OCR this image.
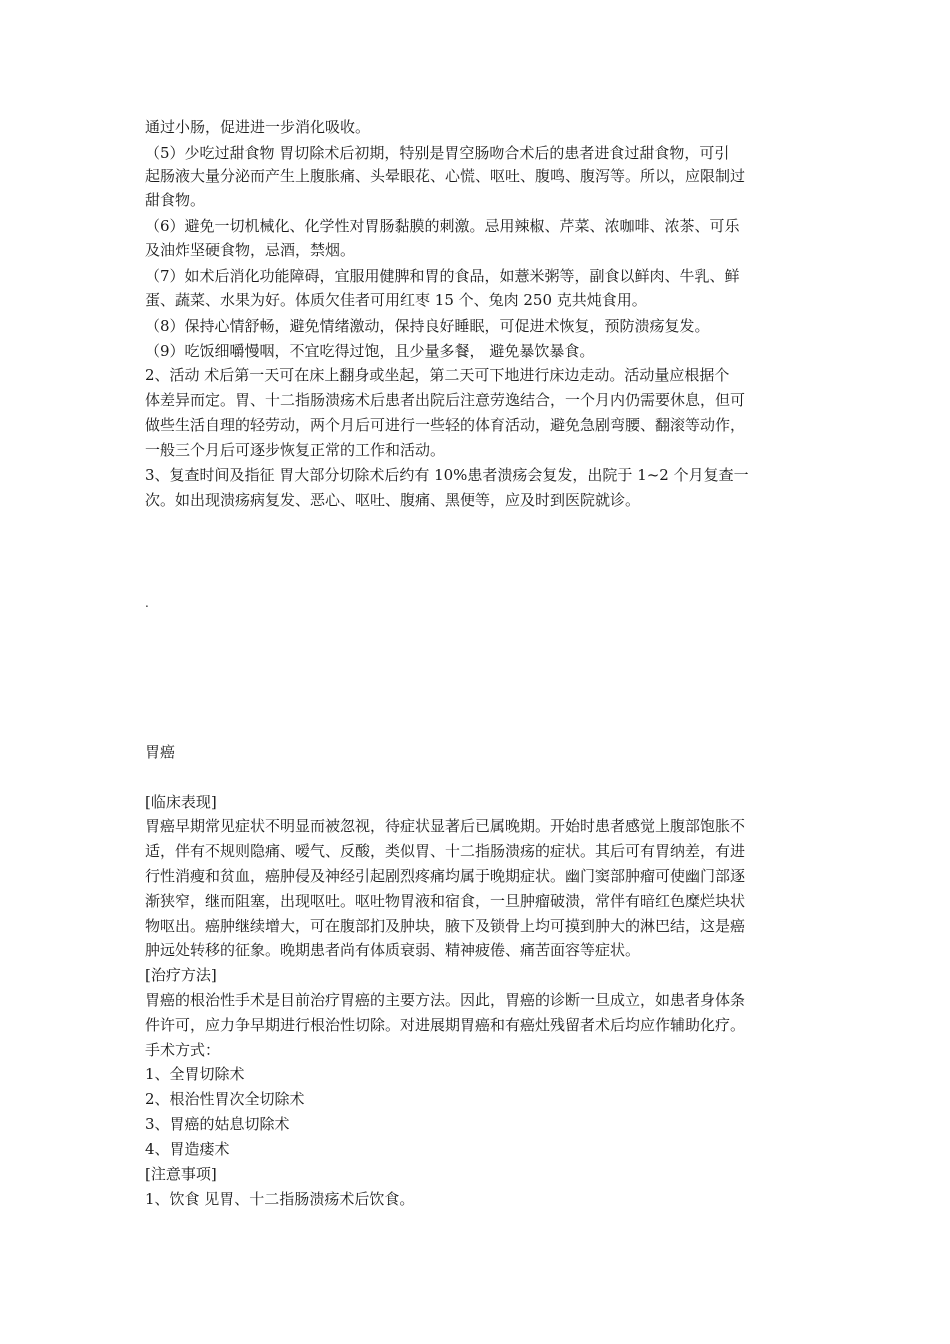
通过小肠，促进进一步消化吸收。
（5）少吃过甜食物 胃切除术后初期，特别是胃空肠吻合术后的患者进食过甜食物，可引
起肠液大量分泌而产生上腹胀痛、头晕眼花、心慌、呕吐、腹鸣、腹泻等。所以，应限制过
甜食物。
（6）避免一切机械化、化学性对胃肠黏膜的刺激。忌用辣椒、芹菜、浓咖啡、浓茶、可乐
及油炸坚硬食物，忌酒，禁烟。
（7）如术后消化功能障碍，宜服用健脾和胃的食品，如薏米粥等，副食以鲜肉、牛乳、鲜
蛋、蔬菜、水果为好。体质欠佳者可用红枣 15 个、兔肉 250 克共炖食用。
（8）保持心情舒畅，避免情绪激动，保持良好睡眠，可促进术恢复，预防溃疡复发。
（9）吃饭细嚼慢咽，不宜吃得过饱，且少量多餐， 避免暴饮暴食。
2、活动 术后第一天可在床上翻身或坐起，第二天可下地进行床边走动。活动量应根据个
体差异而定。胃、十二指肠溃疡术后患者出院后注意劳逸结合，一个月内仍需要休息，但可
做些生活自理的轻劳动，两个月后可进行一些轻的体育活动，避免急剧弯腰、翻滚等动作，
一般三个月后可逐步恢复正常的工作和活动。
3、复查时间及指征 胃大部分切除术后约有 10%患者溃疡会复发，出院于 1~2 个月复查一
次。如出现溃疡病复发、恶心、呕吐、腹痛、黑便等，应及时到医院就诊。
.
胃癌
[临床表现]
胃癌早期常见症状不明显而被忽视，待症状显著后已属晚期。开始时患者感觉上腹部饱胀不
适，伴有不规则隐痛、嗳气、反酸，类似胃、十二指肠溃疡的症状。其后可有胃纳差，有进
行性消瘦和贫血，癌肿侵及神经引起剧烈疼痛均属于晚期症状。幽门窦部肿瘤可使幽门部逐
渐狭窄，继而阻塞，出现呕吐。呕吐物胃液和宿食，一旦肿瘤破溃，常伴有暗红色糜烂块状
物呕出。癌肿继续增大，可在腹部扪及肿块，腋下及锁骨上均可摸到肿大的淋巴结，这是癌
肿远处转移的征象。晚期患者尚有体质衰弱、精神疲倦、痛苦面容等症状。
[治疗方法]
胃癌的根治性手术是目前治疗胃癌的主要方法。因此，胃癌的诊断一旦成立，如患者身体条
件许可，应力争早期进行根治性切除。对进展期胃癌和有癌灶残留者术后均应作辅助化疗。
手术方式：
1、全胃切除术
2、根治性胃次全切除术
3、胃癌的姑息切除术
4、胃造瘘术
[注意事项]
1、饮食 见胃、十二指肠溃疡术后饮食。
